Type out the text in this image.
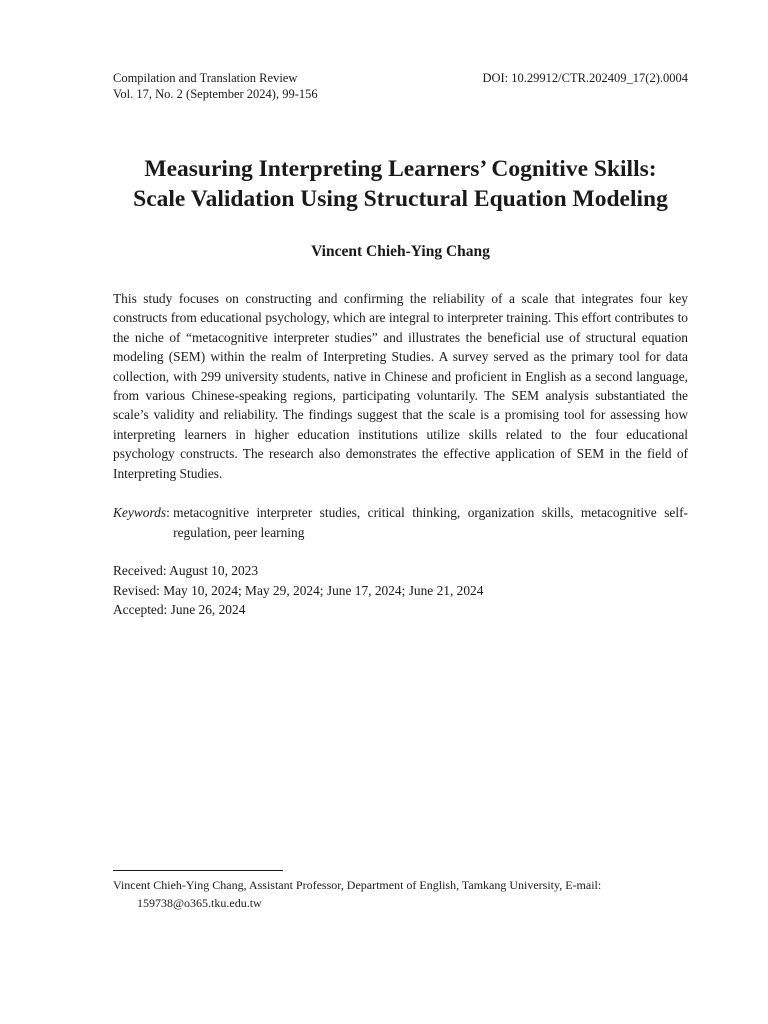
Compilation and Translation Review
Vol. 17, No. 2 (September 2024), 99-156
DOI: 10.29912/CTR.202409_17(2).0004
Measuring Interpreting Learners’ Cognitive Skills:
Scale Validation Using Structural Equation Modeling
Vincent Chieh-Ying Chang
This study focuses on constructing and confirming the reliability of a scale that integrates four key constructs from educational psychology, which are integral to interpreter training. This effort contributes to the niche of “metacognitive interpreter studies” and illustrates the beneficial use of structural equation modeling (SEM) within the realm of Interpreting Studies. A survey served as the primary tool for data collection, with 299 university students, native in Chinese and proficient in English as a second language, from various Chinese-speaking regions, participating voluntarily. The SEM analysis substantiated the scale’s validity and reliability. The findings suggest that the scale is a promising tool for assessing how interpreting learners in higher education institutions utilize skills related to the four educational psychology constructs. The research also demonstrates the effective application of SEM in the field of Interpreting Studies.
Keywords : metacognitive interpreter studies, critical thinking, organization skills, metacognitive self-regulation, peer learning
Received: August 10, 2023
Revised: May 10, 2024; May 29, 2024; June 17, 2024; June 21, 2024
Accepted: June 26, 2024
Vincent Chieh-Ying Chang, Assistant Professor, Department of English, Tamkang University, E-mail:
159738@o365.tku.edu.tw
